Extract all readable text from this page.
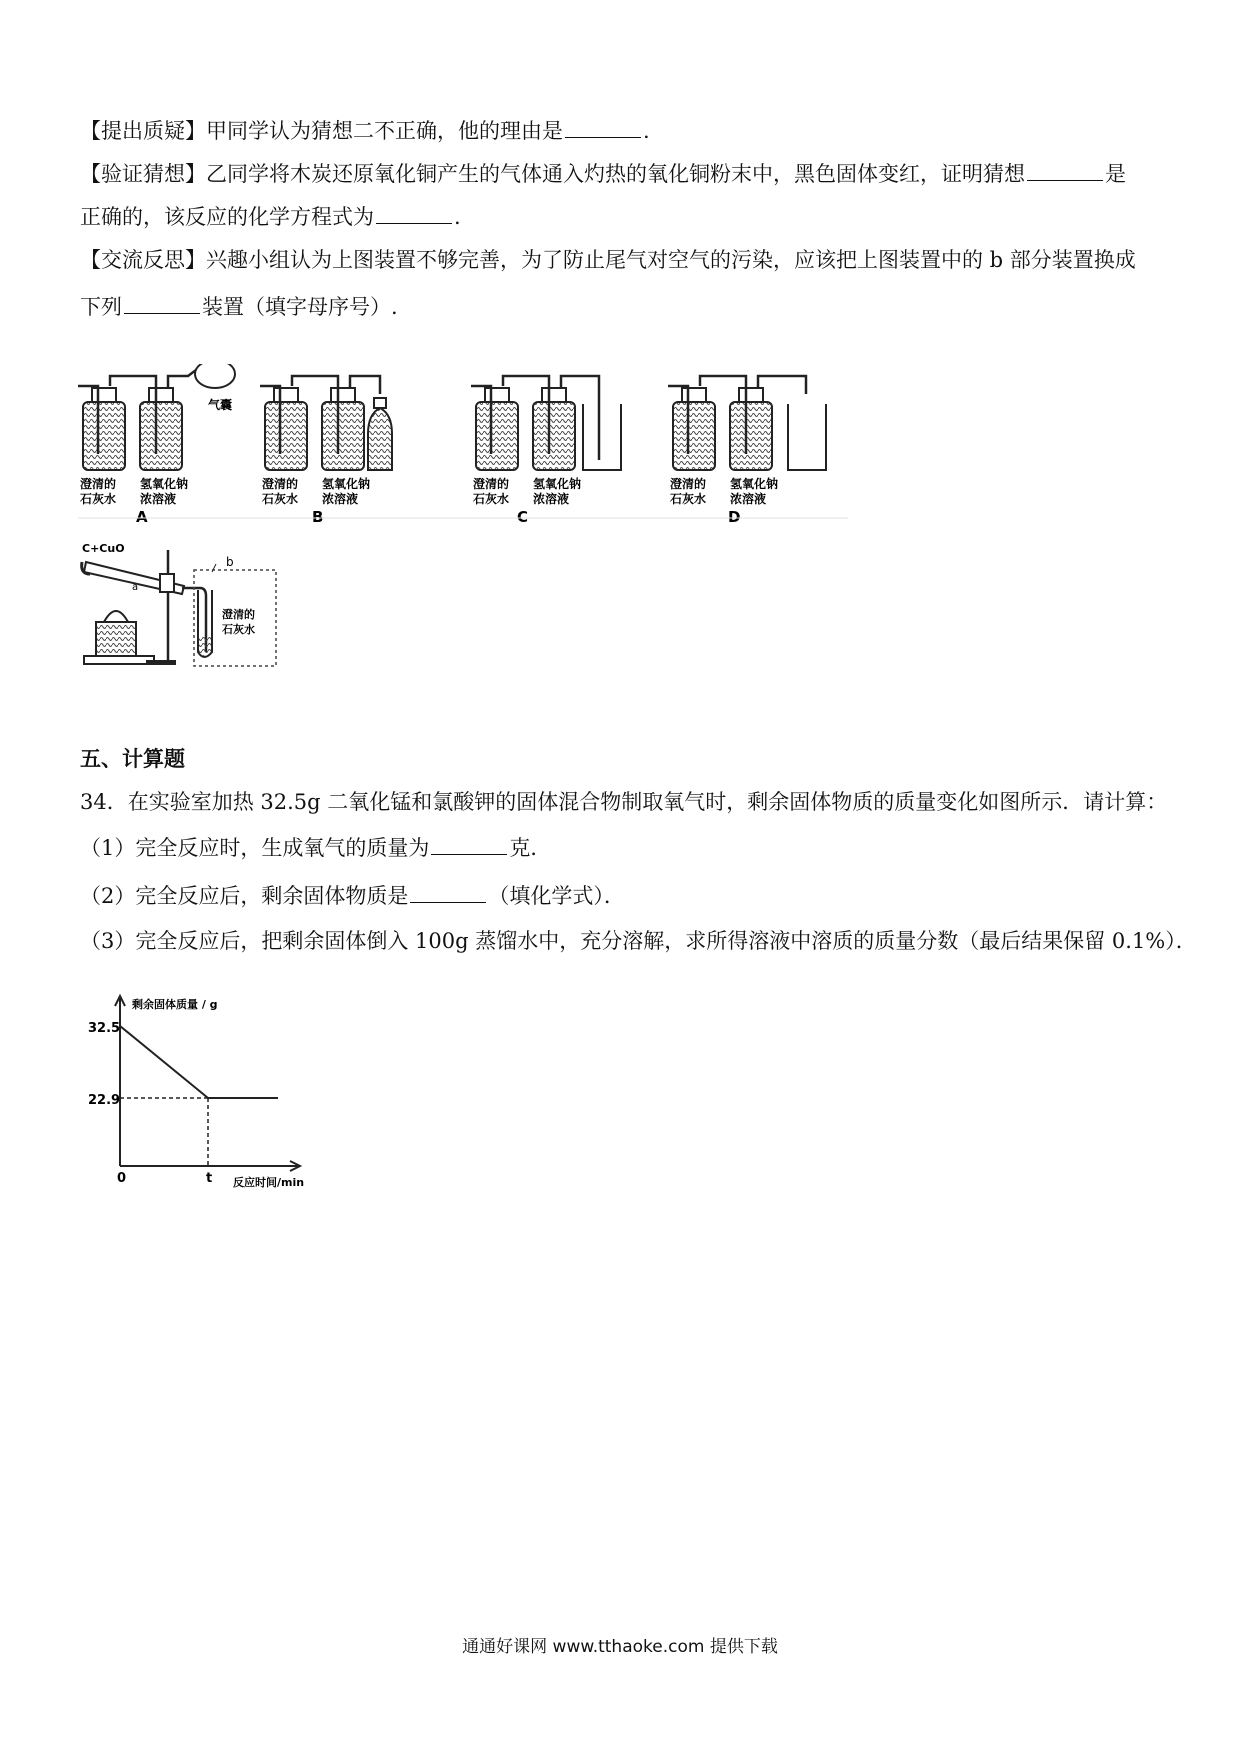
【提出质疑】甲同学认为猜想二不正确，他的理由是	.
【验证猜想】乙同学将木炭还原氧化铜产生的气体通入灼热的氧化铜粉末中，黑色固体变红，证明猜想	是
正确的，该反应的化学方程式为	.
【交流反思】兴趣小组认为上图装置不够完善，为了防止尾气对空气的污染，应该把上图装置中的 b 部分装置换成
下列	装置（填字母序号）.
气囊
澄清的
石灰水
氢氧化钠
浓溶液
A
澄清的
石灰水
氢氧化钠
浓溶液
B
澄清的
石灰水
氢氧化钠
浓溶液
C
澄清的
石灰水
氢氧化钠
浓溶液
D
C+CuO
a
b
澄清的
石灰水
五、计算题
34．在实验室加热 32.5g 二氧化锰和氯酸钾的固体混合物制取氧气时，剩余固体物质的质量变化如图所示．请计算：
（1）完全反应时，生成氧气的质量为	克．
（2）完全反应后，剩余固体物质是	（填化学式）．
（3）完全反应后，把剩余固体倒入 100g 蒸馏水中，充分溶解，求所得溶液中溶质的质量分数（最后结果保留 0.1%）．
剩余固体质量 / g
反应时间/min
32.5
22.9
0	t
通通好课网 www.tthaoke.com 提供下载
